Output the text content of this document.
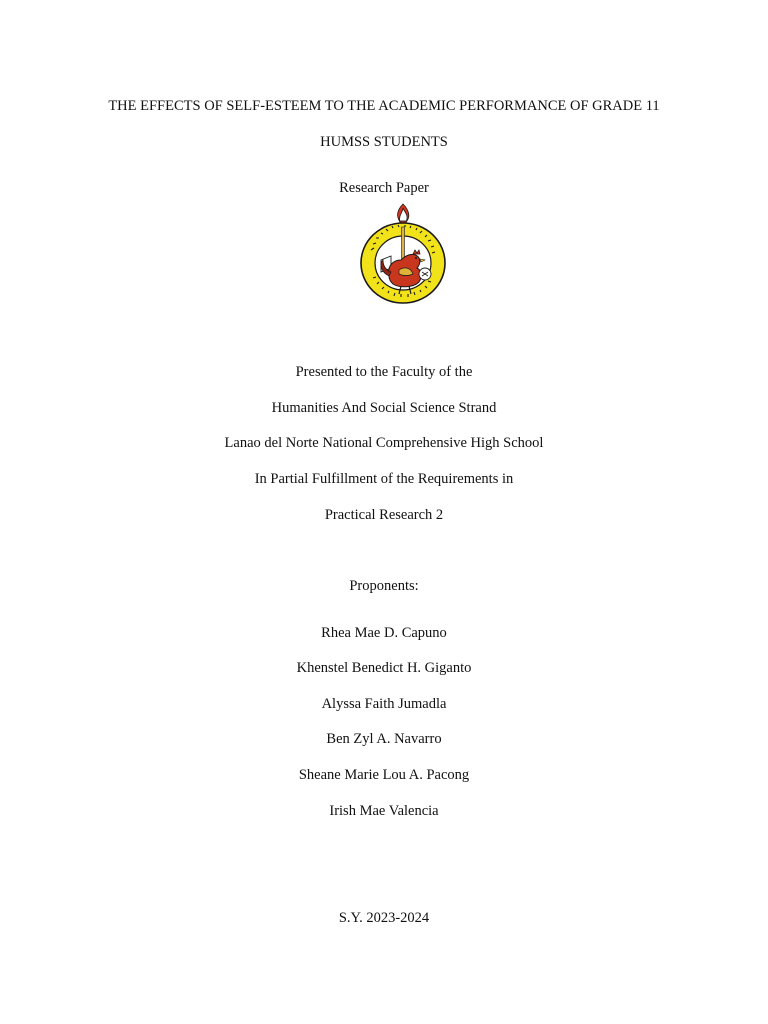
THE EFFECTS OF SELF-ESTEEM TO THE ACADEMIC PERFORMANCE OF GRADE 11
HUMSS STUDENTS
Research Paper
Presented to the Faculty of the
Humanities And Social Science Strand
Lanao del Norte National Comprehensive High School
In Partial Fulfillment of the Requirements in
Practical Research 2
Proponents:
Rhea Mae D. Capuno
Khenstel Benedict H. Giganto
Alyssa Faith Jumadla
Ben Zyl A. Navarro
Sheane Marie Lou A. Pacong
Irish Mae Valencia
S.Y. 2023-2024
